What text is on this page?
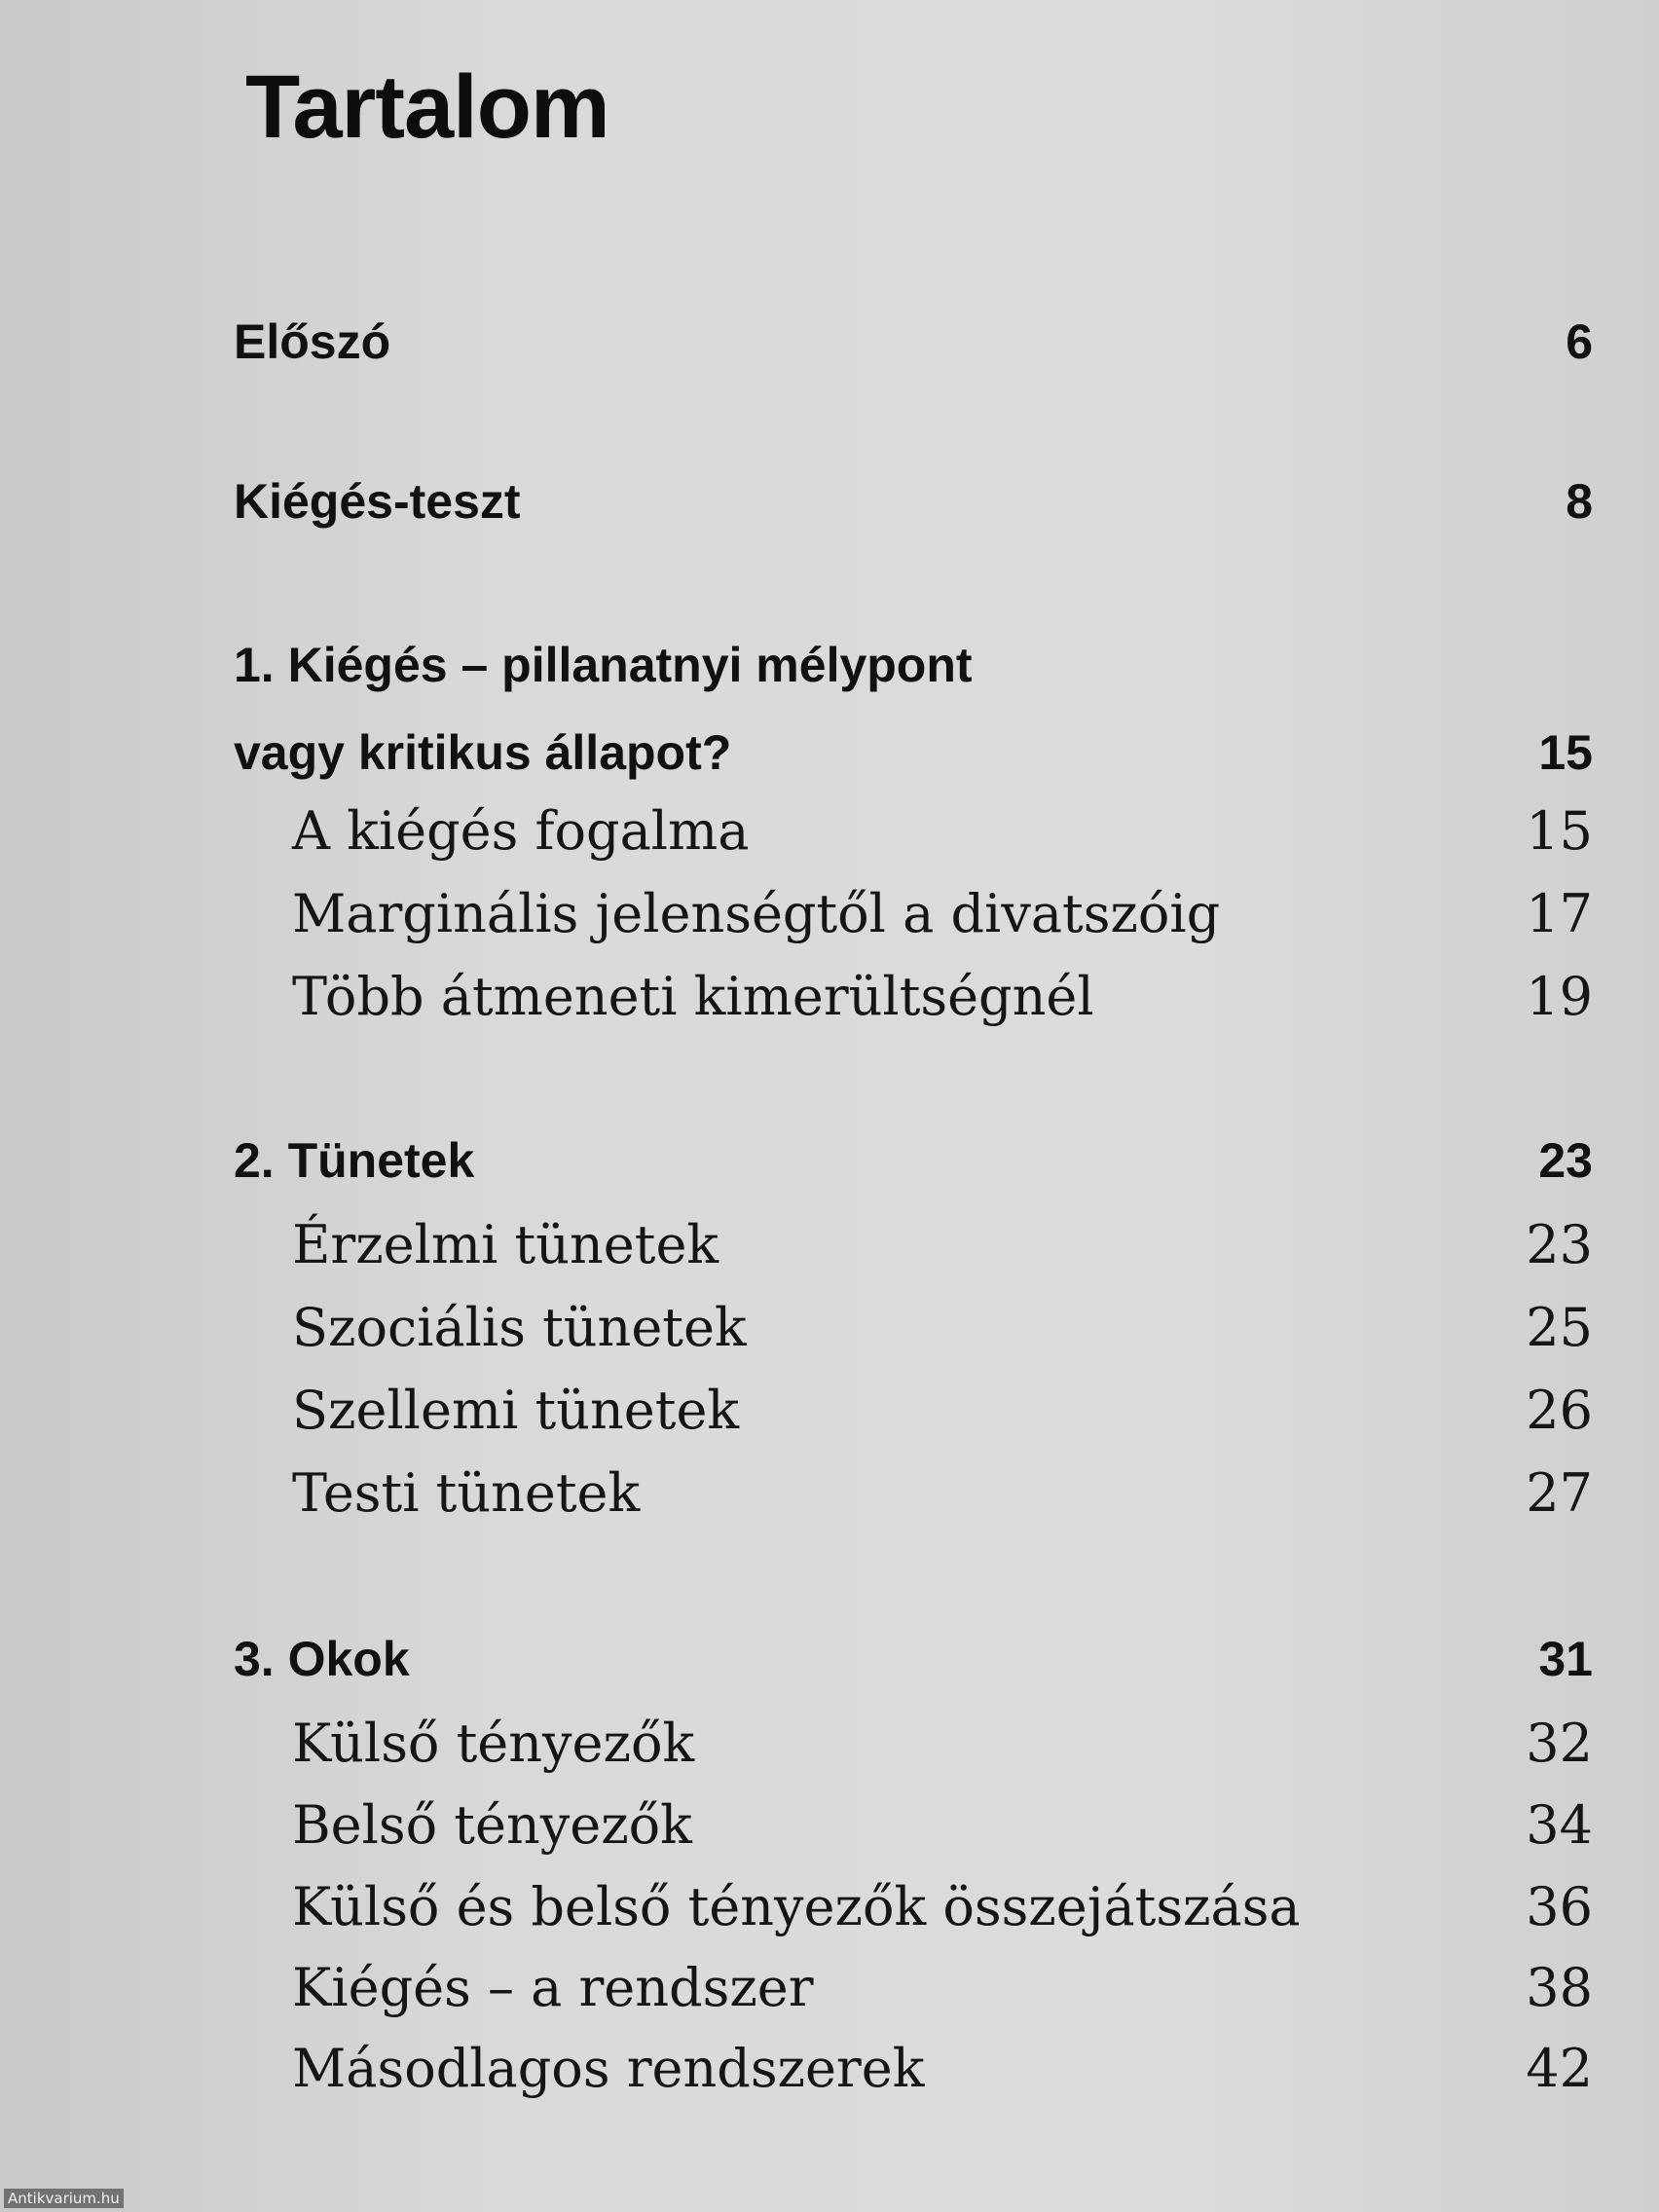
Tartalom
Előszó	6
Kiégés-teszt	8
1. Kiégés – pillanatnyi mélypont
vagy kritikus állapot?	15
A kiégés fogalma	15
Marginális jelenségtől a divatszóig	17
Több átmeneti kimerültségnél	19
2. Tünetek	23
Érzelmi tünetek	23
Szociális tünetek	25
Szellemi tünetek	26
Testi tünetek	27
3. Okok	31
Külső tényezők	32
Belső tényezők	34
Külső és belső tényezők összejátszása	36
Kiégés – a rendszer	38
Másodlagos rendszerek	42
Antikvarium.hu
